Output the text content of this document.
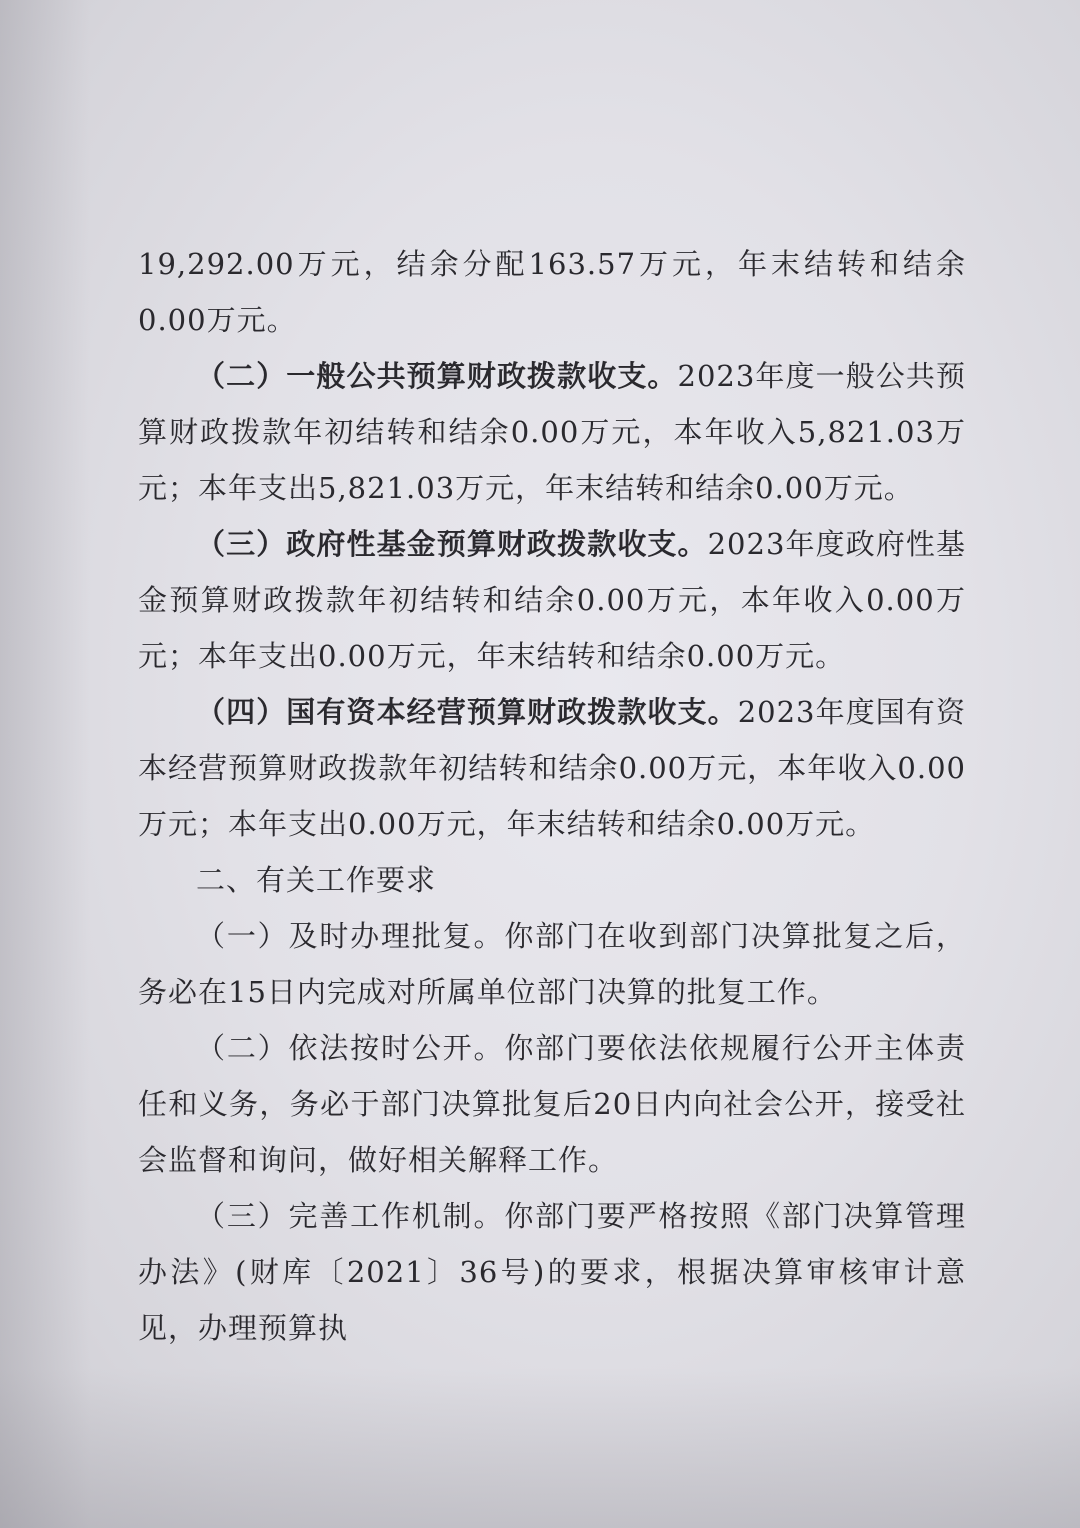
19,292.00万元，结余分配163.57万元，年末结转和结余0.00万元。

（二）一般公共预算财政拨款收支。2023年度一般公共预算财政拨款年初结转和结余0.00万元，本年收入5,821.03万元；本年支出5,821.03万元，年末结转和结余0.00万元。

（三）政府性基金预算财政拨款收支。2023年度政府性基金预算财政拨款年初结转和结余0.00万元，本年收入0.00万元；本年支出0.00万元，年末结转和结余0.00万元。

（四）国有资本经营预算财政拨款收支。2023年度国有资本经营预算财政拨款年初结转和结余0.00万元，本年收入0.00万元；本年支出0.00万元，年末结转和结余0.00万元。

二、有关工作要求

（一）及时办理批复。你部门在收到部门决算批复之后，务必在15日内完成对所属单位部门决算的批复工作。

（二）依法按时公开。你部门要依法依规履行公开主体责任和义务，务必于部门决算批复后20日内向社会公开，接受社会监督和询问，做好相关解释工作。

（三）完善工作机制。你部门要严格按照《部门决算管理办法》(财库〔2021〕36号)的要求，根据决算审核审计意见，办理预算执
